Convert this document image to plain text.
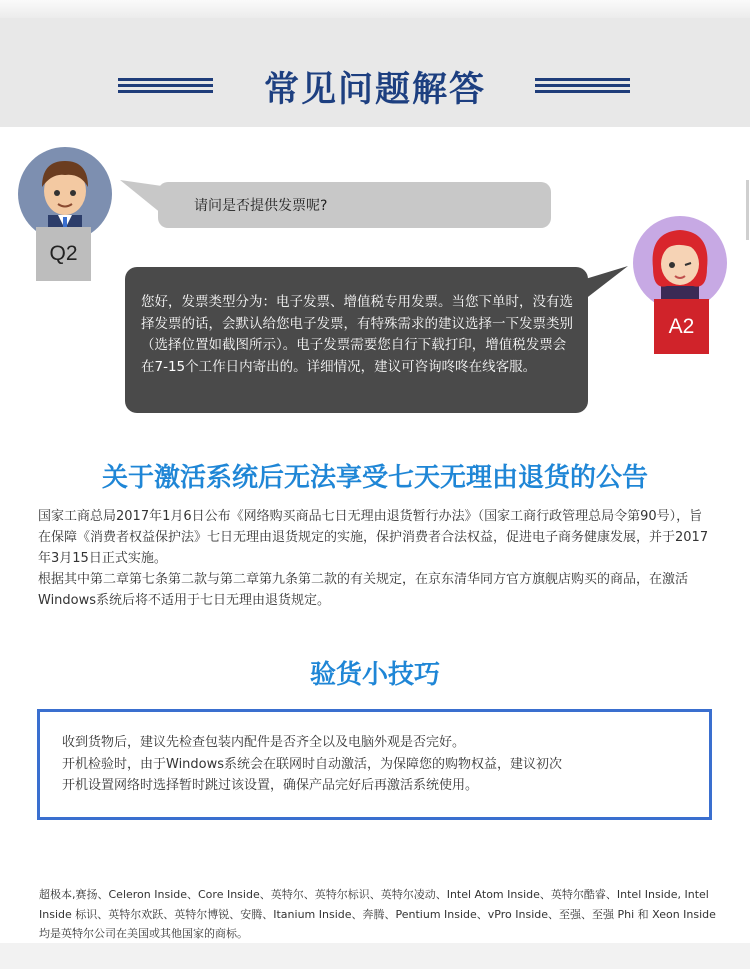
常见问题解答
Q2
请问是否提供发票呢?
A2
您好，发票类型分为：电子发票、增值税专用发票。当您下单时，没有选择发票的话，会默认给您电子发票，有特殊需求的建议选择一下发票类别（选择位置如截图所示）。电子发票需要您自行下载打印，增值税发票会在7-15个工作日内寄出的。详细情况，建议可咨询咚咚在线客服。
关于激活系统后无法享受七天无理由退货的公告

国家工商总局2017年1月6日公布《网络购买商品七日无理由退货暂行办法》（国家工商行政管理总局令第90号），旨在保障《消费者权益保护法》七日无理由退货规定的实施，保护消费者合法权益，促进电子商务健康发展，并于2017年3月15日正式实施。

根据其中第二章第七条第二款与第二章第九条第二款的有关规定，在京东清华同方官方旗舰店购买的商品，在激活Windows系统后将不适用于七日无理由退货规定。

验货小技巧

收到货物后，建议先检查包装内配件是否齐全以及电脑外观是否完好。

开机检验时，由于Windows系统会在联网时自动激活，为保障您的购物权益，建议初次

开机设置网络时选择暂时跳过该设置，确保产品完好后再激活系统使用。

超极本,赛扬、Celeron Inside、Core Inside、英特尔、英特尔标识、英特尔凌动、Intel Atom Inside、英特尔酷睿、Intel Inside, Intel Inside 标识、英特尔欢跃、英特尔博锐、安腾、Itanium Inside、奔腾、Pentium Inside、vPro Inside、至强、至强 Phi 和 Xeon Inside 均是英特尔公司在美国或其他国家的商标。
